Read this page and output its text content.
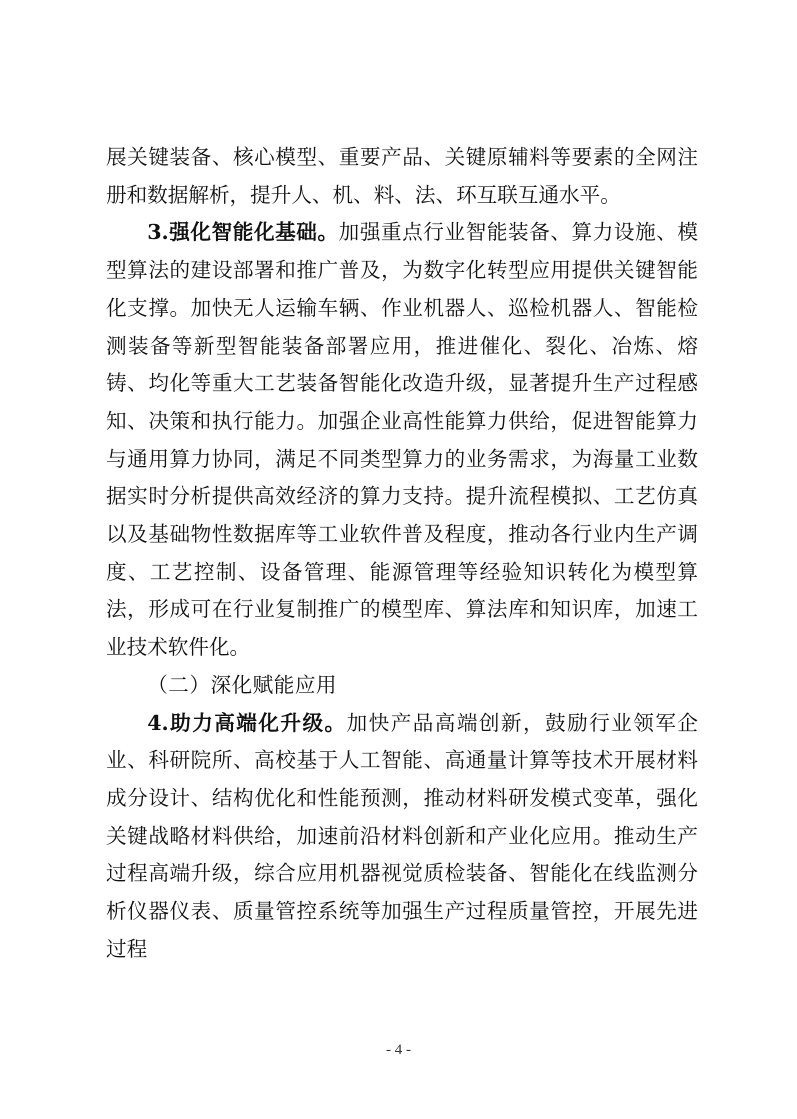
展关键装备、核心模型、重要产品、关键原辅料等要素的全网注册和数据解析，提升人、机、料、法、环互联互通水平。

3.强化智能化基础。加强重点行业智能装备、算力设施、模型算法的建设部署和推广普及，为数字化转型应用提供关键智能化支撑。加快无人运输车辆、作业机器人、巡检机器人、智能检测装备等新型智能装备部署应用，推进催化、裂化、冶炼、熔铸、均化等重大工艺装备智能化改造升级，显著提升生产过程感知、决策和执行能力。加强企业高性能算力供给，促进智能算力与通用算力协同，满足不同类型算力的业务需求，为海量工业数据实时分析提供高效经济的算力支持。提升流程模拟、工艺仿真以及基础物性数据库等工业软件普及程度，推动各行业内生产调度、工艺控制、设备管理、能源管理等经验知识转化为模型算法，形成可在行业复制推广的模型库、算法库和知识库，加速工业技术软件化。

（二）深化赋能应用

4.助力高端化升级。加快产品高端创新，鼓励行业领军企业、科研院所、高校基于人工智能、高通量计算等技术开展材料成分设计、结构优化和性能预测，推动材料研发模式变革，强化关键战略材料供给，加速前沿材料创新和产业化应用。推动生产过程高端升级，综合应用机器视觉质检装备、智能化在线监测分析仪器仪表、质量管控系统等加强生产过程质量管控，开展先进过程

- 4 -
